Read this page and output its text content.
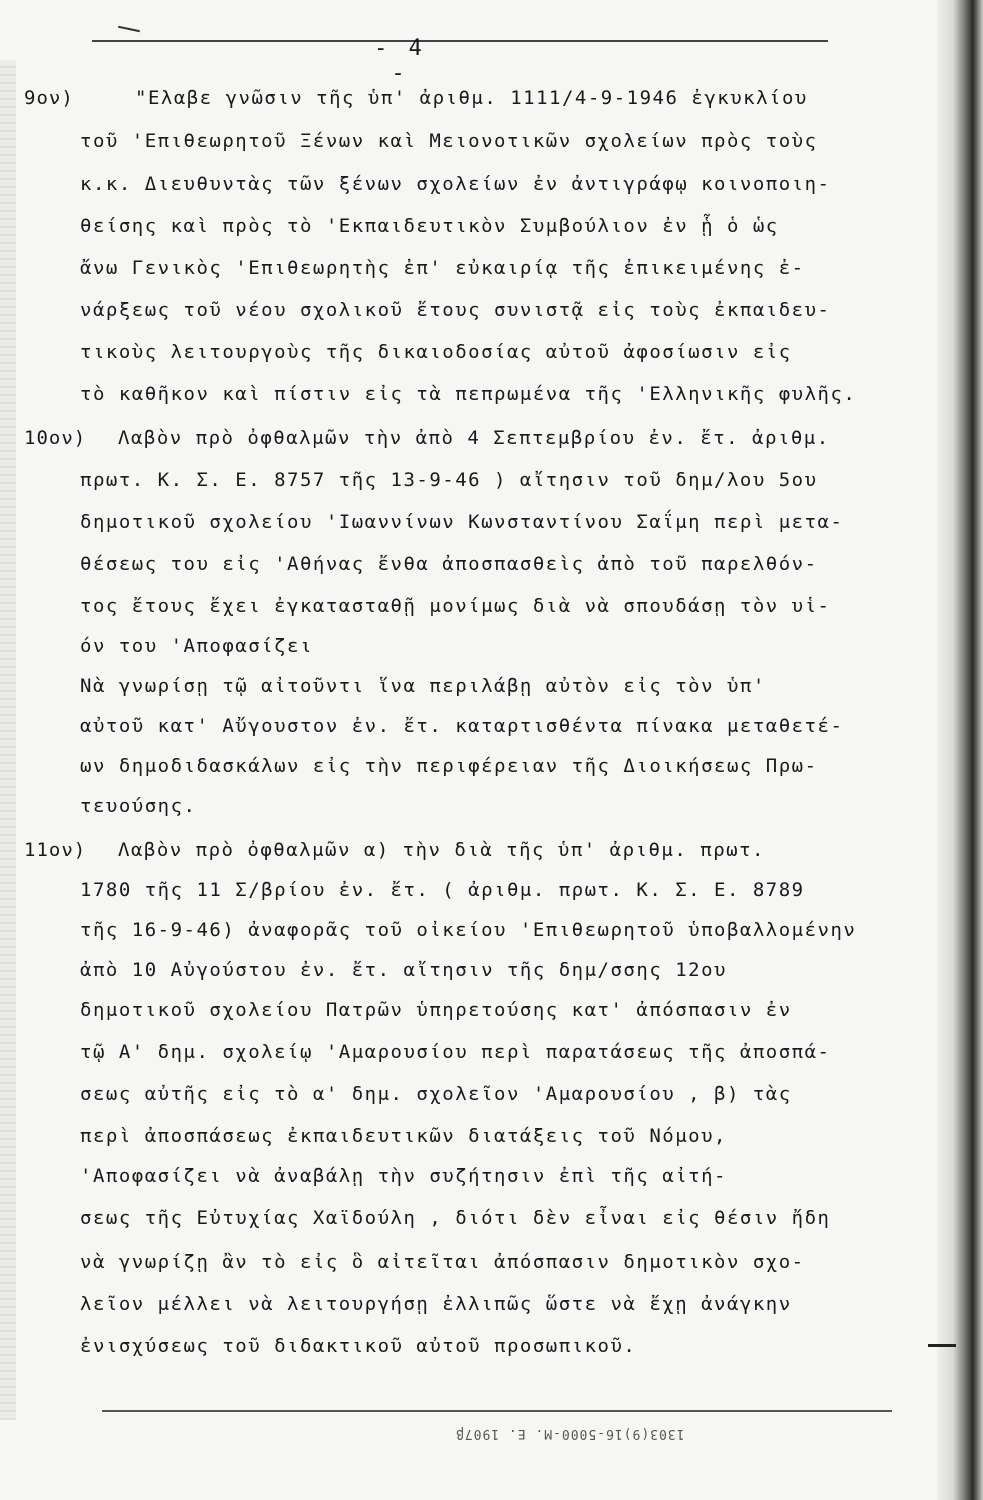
- 4 -
9ον)	"Ελαβε γνῶσιν τῆς ὑπ' ἀριθμ. 1111/4-9-1946 ἐγκυκλίου
τοῦ 'Επιθεωρητοῦ Ξένων καὶ Μειονοτικῶν σχολείων πρὸς τοὺς
κ.κ. Διευθυντὰς τῶν ξένων σχολείων ἐν ἀντιγράφῳ κοινοποιη-
θείσης καὶ πρὸς τὸ 'Εκπαιδευτικὸν Συμβούλιον ἐν ᾗ ὁ ὡς
ἄνω Γενικὸς 'Επιθεωρητὴς ἐπ' εὐκαιρίᾳ τῆς ἐπικειμένης ἐ-
νάρξεως τοῦ νέου σχολικοῦ ἔτους συνιστᾷ εἰς τοὺς ἐκπαιδευ-
τικοὺς λειτουργοὺς τῆς δικαιοδοσίας αὐτοῦ ἀφοσίωσιν εἰς
τὸ καθῆκον καὶ πίστιν εἰς τὰ πεπρωμένα τῆς 'Ελληνικῆς φυλῆς.
10ον) Λαβὸν πρὸ ὀφθαλμῶν τὴν ἀπὸ 4 Σεπτεμβρίου ἐν. ἔτ. ἀριθμ.
πρωτ. Κ. Σ. Ε. 8757 τῆς 13-9-46 ) αἴτησιν τοῦ δημ/λου 5ου
δημοτικοῦ σχολείου 'Ιωαννίνων Κωνσταντίνου Σαΐμη περὶ μετα-
θέσεως του εἰς 'Αθήνας ἔνθα ἀποσπασθεὶς ἀπὸ τοῦ παρελθόν-
τος ἔτους ἔχει ἐγκατασταθῇ μονίμως διὰ νὰ σπουδάσῃ τὸν υἱ-
όν του 'Αποφασίζει
Νὰ γνωρίσῃ τῷ αἰτοῦντι ἵνα περιλάβῃ αὐτὸν εἰς τὸν ὑπ'
αὐτοῦ κατ' Αὔγουστον ἐν. ἔτ. καταρτισθέντα πίνακα μεταθετέ-
ων δημοδιδασκάλων εἰς τὴν περιφέρειαν τῆς Διοικήσεως Πρω-
τευούσης.
11ον) Λαβὸν πρὸ ὀφθαλμῶν α) τὴν διὰ τῆς ὑπ' ἀριθμ. πρωτ.
1780 τῆς 11 Σ/βρίου ἐν. ἔτ. ( ἀριθμ. πρωτ. Κ. Σ. Ε. 8789
τῆς 16-9-46) ἀναφορᾶς τοῦ οἰκείου 'Επιθεωρητοῦ ὑποβαλλομένην
ἀπὸ 10 Αὐγούστου ἐν. ἔτ. αἴτησιν τῆς δημ/σσης 12ου
δημοτικοῦ σχολείου Πατρῶν ὑπηρετούσης κατ' ἀπόσπασιν ἐν
τῷ Α' δημ. σχολείῳ 'Αμαρουσίου περὶ παρατάσεως τῆς ἀποσπά-
σεως αὐτῆς εἰς τὸ α' δημ. σχολεῖον 'Αμαρουσίου , β) τὰς
περὶ ἀποσπάσεως ἐκπαιδευτικῶν διατάξεις τοῦ Νόμου,
'Αποφασίζει νὰ ἀναβάλῃ τὴν συζήτησιν ἐπὶ τῆς αἰτή-
σεως τῆς Εὐτυχίας Χαϊδούλη , διότι δὲν εἶναι εἰς θέσιν ἤδη
νὰ γνωρίζῃ ἂν τὸ εἰς ὃ αἰτεῖται ἀπόσπασιν δημοτικὸν σχο-
λεῖον μέλλει νὰ λειτουργήσῃ ἐλλιπῶς ὥστε νὰ ἔχῃ ἀνάγκην
ἐνισχύσεως τοῦ διδακτικοῦ αὐτοῦ προσωπικοῦ.
1303(9)16-5000-Μ. Ε. 1907β
